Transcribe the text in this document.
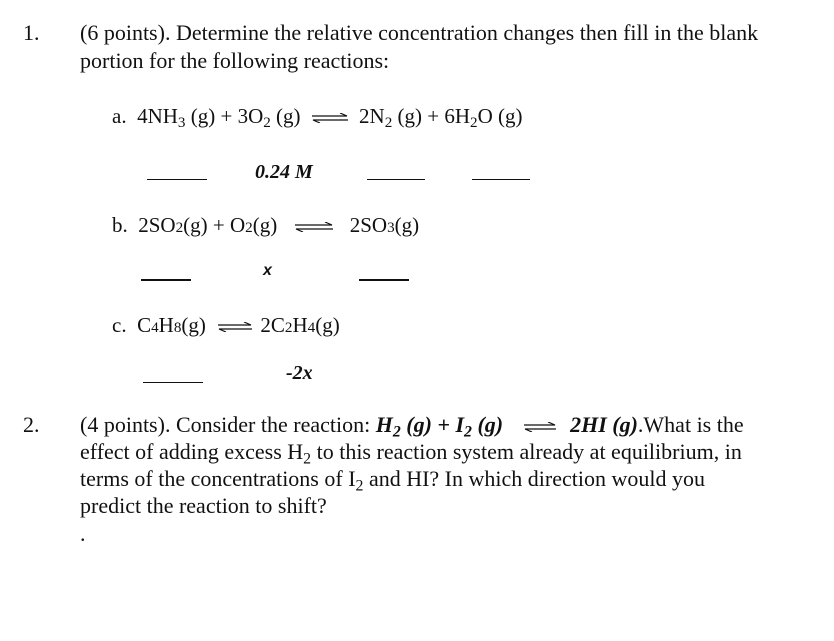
1. (6 points). Determine the relative concentration changes then fill in the blank
portion for the following reactions:
a. $4NH_3$ $(g) + 3O_2$ (g) ⇌ $2N_2$ $(g) + 6H_2O$ (g)
0.24 M
b. 2SO2(g) + O2(g) ⇌ 2SO3(g)
x
c. C4H8(g) ⇌ 2C2H4(g)
-2x
2. (4 points). Consider the reaction: $H_2$ $(g) + I_2$ (g) ⇌ 2HI (g).What is the
effect of adding excess $H_2$ to this reaction system already at equilibrium, in
terms of the concentrations of $I_2$ and HI? In which direction would you
predict the reaction to shift?
.
